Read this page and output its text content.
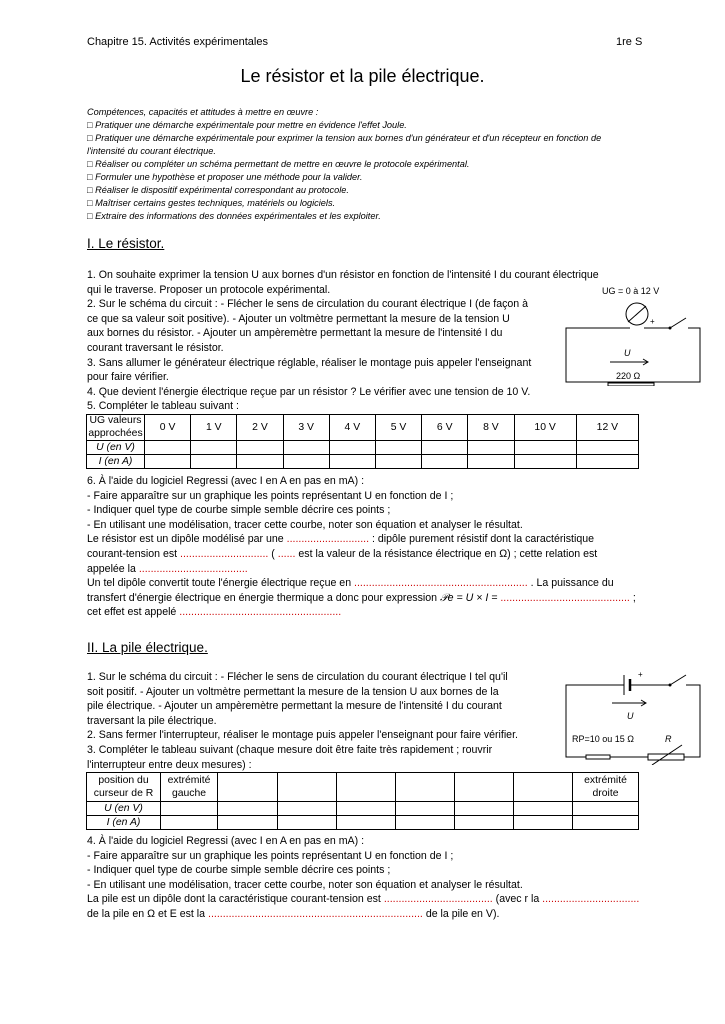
Chapitre 15. Activités expérimentales	1re S
Le résistor et la pile électrique.
Compétences, capacités et attitudes à mettre en œuvre :
□ Pratiquer une démarche expérimentale pour mettre en évidence l'effet Joule.
□ Pratiquer une démarche expérimentale pour exprimer la tension aux bornes d'un générateur et d'un récepteur en fonction de
l'intensité du courant électrique.
□ Réaliser ou compléter un schéma permettant de mettre en œuvre le protocole expérimental.
□ Formuler une hypothèse et proposer une méthode pour la valider.
□ Réaliser le dispositif expérimental correspondant au protocole.
□ Maîtriser certains gestes techniques, matériels ou logiciels.
□ Extraire des informations des données expérimentales et les exploiter.
I. Le résistor.
1. On souhaite exprimer la tension U aux bornes d'un résistor en fonction de l'intensité I du courant électrique
qui le traverse. Proposer un protocole expérimental.
2. Sur le schéma du circuit : - Flécher le sens de circulation du courant électrique I (de façon à
ce que sa valeur soit positive). - Ajouter un voltmètre permettant la mesure de la tension U
aux bornes du résistor. - Ajouter un ampèremètre permettant la mesure de l'intensité I du
courant traversant le résistor.
3. Sans allumer le générateur électrique réglable, réaliser le montage puis appeler l'enseignant
pour faire vérifier.
4. Que devient l'énergie électrique reçue par un résistor ? Le vérifier avec une tension de 10 V.
5. Compléter le tableau suivant :
UG = 0 à 12 V
+
U
220 Ω
UG valeurs approchées	0 V	1 V	2 V	3 V	4 V	5 V	6 V	8 V	10 V	12 V
U (en V)										
I (en A)										
6. À l'aide du logiciel Regressi (avec I en A en pas en mA) :
- Faire apparaître sur un graphique les points représentant U en fonction de I ;
- Indiquer quel type de courbe simple semble décrire ces points ;
- En utilisant une modélisation, tracer cette courbe, noter son équation et analyser le résultat.
Le résistor est un dipôle modélisé par une ............................ : dipôle purement résistif dont la caractéristique
courant-tension est .............................. ( ...... est la valeur de la résistance électrique en Ω) ; cette relation est
appelée la .....................................
Un tel dipôle convertit toute l'énergie électrique reçue en ........................................................... . La puissance du
transfert d'énergie électrique en énergie thermique a donc pour expression 𝒫e = U × I = ............................................ ;
cet effet est appelé .......................................................
II. La pile électrique.
1. Sur le schéma du circuit : - Flécher le sens de circulation du courant électrique I tel qu'il
soit positif. - Ajouter un voltmètre permettant la mesure de la tension U aux bornes de la
pile électrique. - Ajouter un ampèremètre permettant la mesure de l'intensité I du courant
traversant la pile électrique.
2. Sans fermer l'interrupteur, réaliser le montage puis appeler l'enseignant pour faire vérifier.
3. Compléter le tableau suivant (chaque mesure doit être faite très rapidement ; rouvrir
l'interrupteur entre deux mesures) :
+
U
RP=10 ou 15 Ω	R
position du curseur de R	extrémité gauche							extrémité droite
U (en V)								
I (en A)								
4. À l'aide du logiciel Regressi (avec I en A en pas en mA) :
- Faire apparaître sur un graphique les points représentant U en fonction de I ;
- Indiquer quel type de courbe simple semble décrire ces points ;
- En utilisant une modélisation, tracer cette courbe, noter son équation et analyser le résultat.
La pile est un dipôle dont la caractéristique courant-tension est ..................................... (avec r la .................................
de la pile en Ω et E est la ......................................................................... de la pile en V).
